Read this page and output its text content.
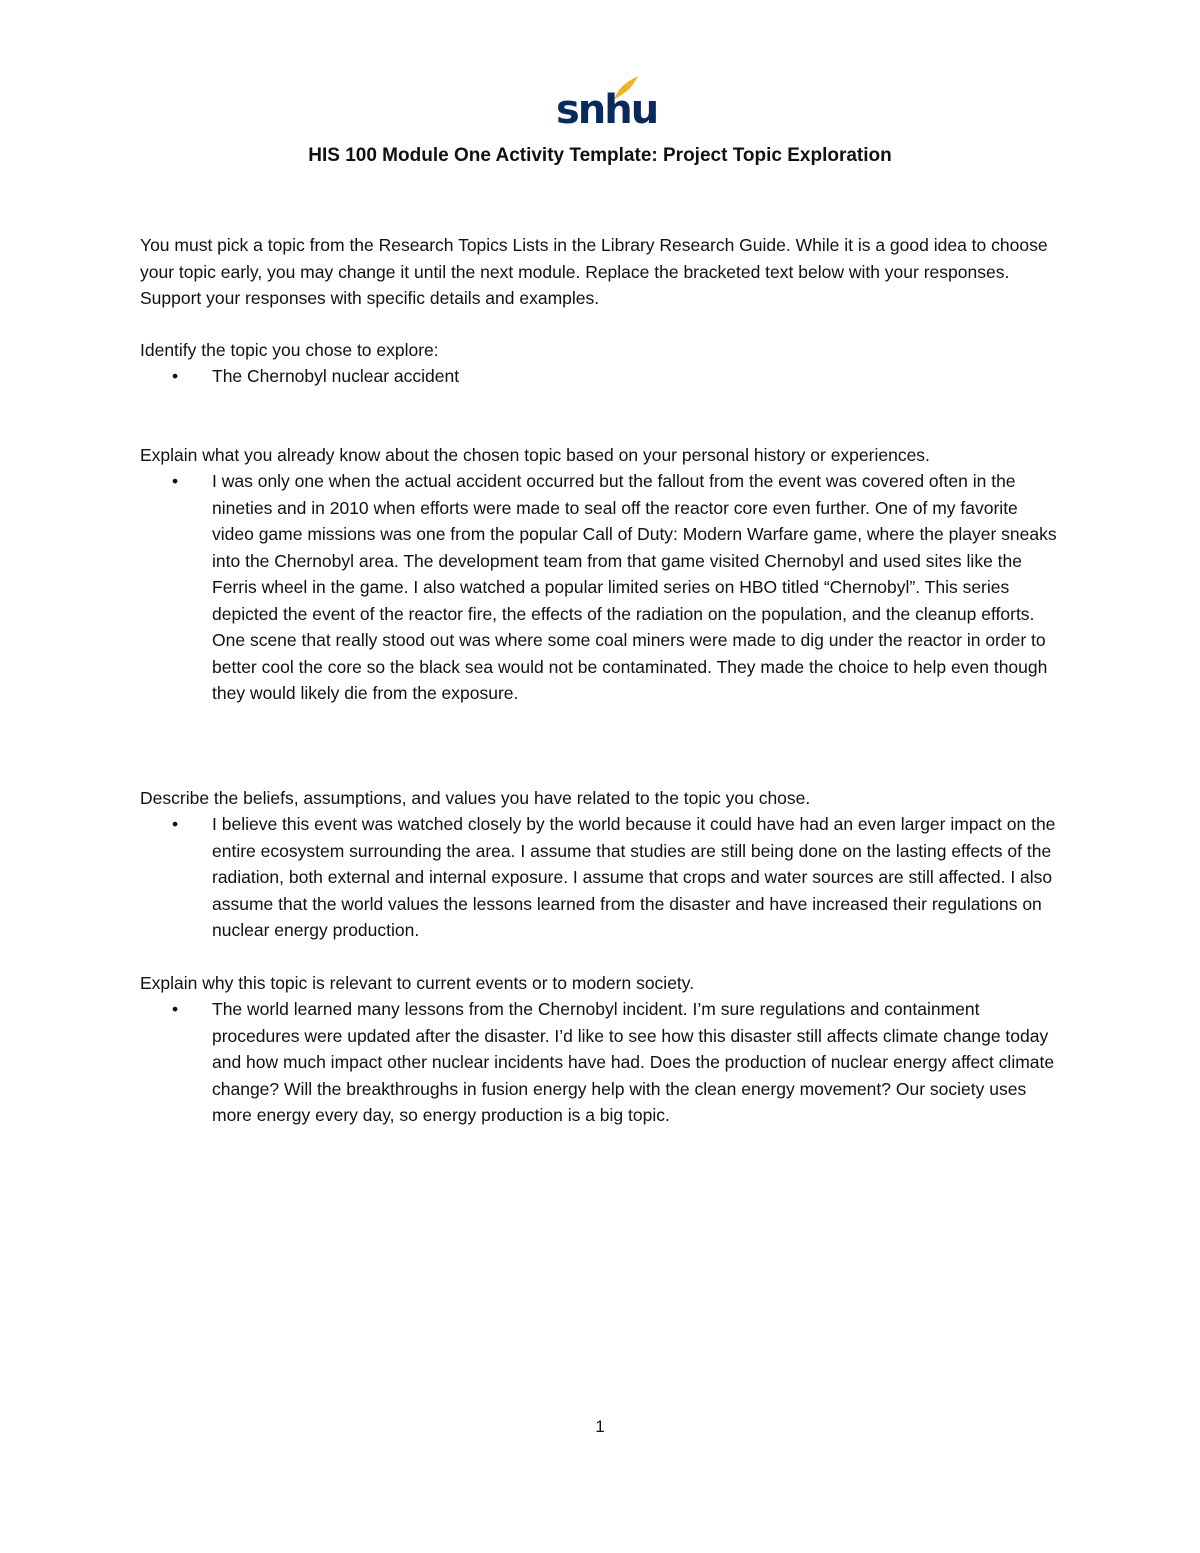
snhu
HIS 100 Module One Activity Template: Project Topic Exploration
You must pick a topic from the Research Topics Lists in the Library Research Guide. While it is a good idea to choose your topic early, you may change it until the next module. Replace the bracketed text below with your responses. Support your responses with specific details and examples.
Identify the topic you chose to explore:
•	The Chernobyl nuclear accident
Explain what you already know about the chosen topic based on your personal history or experiences.
•	I was only one when the actual accident occurred but the fallout from the event was covered often in the nineties and in 2010 when efforts were made to seal off the reactor core even further. One of my favorite video game missions was one from the popular Call of Duty: Modern Warfare game, where the player sneaks into the Chernobyl area. The development team from that game visited Chernobyl and used sites like the Ferris wheel in the game. I also watched a popular limited series on HBO titled “Chernobyl”. This series depicted the event of the reactor fire, the effects of the radiation on the population, and the cleanup efforts. One scene that really stood out was where some coal miners were made to dig under the reactor in order to better cool the core so the black sea would not be contaminated. They made the choice to help even though they would likely die from the exposure.
Describe the beliefs, assumptions, and values you have related to the topic you chose.
•	I believe this event was watched closely by the world because it could have had an even larger impact on the entire ecosystem surrounding the area. I assume that studies are still being done on the lasting effects of the radiation, both external and internal exposure. I assume that crops and water sources are still affected. I also assume that the world values the lessons learned from the disaster and have increased their regulations on nuclear energy production.
Explain why this topic is relevant to current events or to modern society.
•	The world learned many lessons from the Chernobyl incident. I’m sure regulations and containment procedures were updated after the disaster. I’d like to see how this disaster still affects climate change today and how much impact other nuclear incidents have had. Does the production of nuclear energy affect climate change? Will the breakthroughs in fusion energy help with the clean energy movement? Our society uses more energy every day, so energy production is a big topic.
1
